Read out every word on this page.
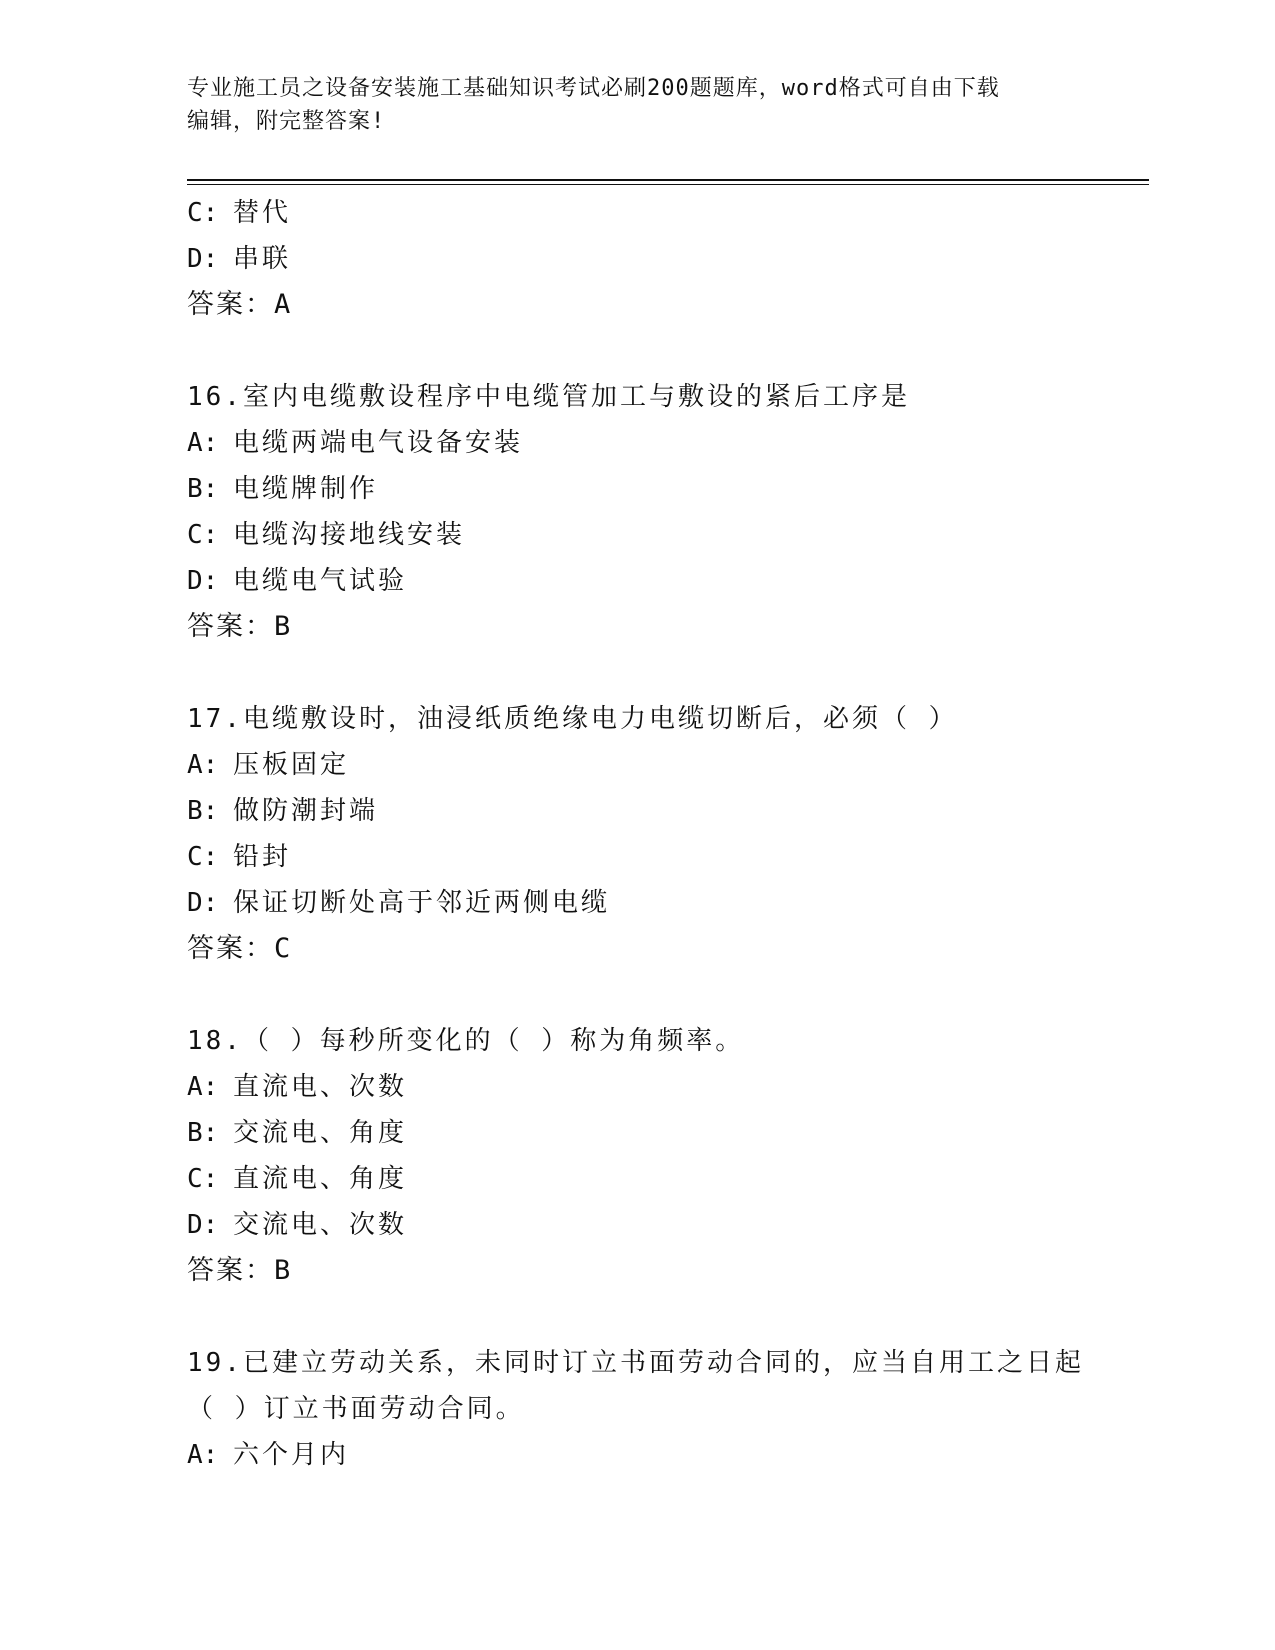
专业施工员之设备安装施工基础知识考试必刷200题题库，word格式可自由下载
编辑，附完整答案!
C: 替代
D: 串联
答案：A
16.室内电缆敷设程序中电缆管加工与敷设的紧后工序是
A: 电缆两端电气设备安装
B: 电缆牌制作
C: 电缆沟接地线安装
D: 电缆电气试验
答案：B
17.电缆敷设时，油浸纸质绝缘电力电缆切断后，必须（ ）
A: 压板固定
B: 做防潮封端
C: 铅封
D: 保证切断处高于邻近两侧电缆
答案：C
18.（ ）每秒所变化的（ ）称为角频率。
A: 直流电、次数
B: 交流电、角度
C: 直流电、角度
D: 交流电、次数
答案：B
19.已建立劳动关系，未同时订立书面劳动合同的，应当自用工之日起（ ）订立书面劳动合同。
A: 六个月内
